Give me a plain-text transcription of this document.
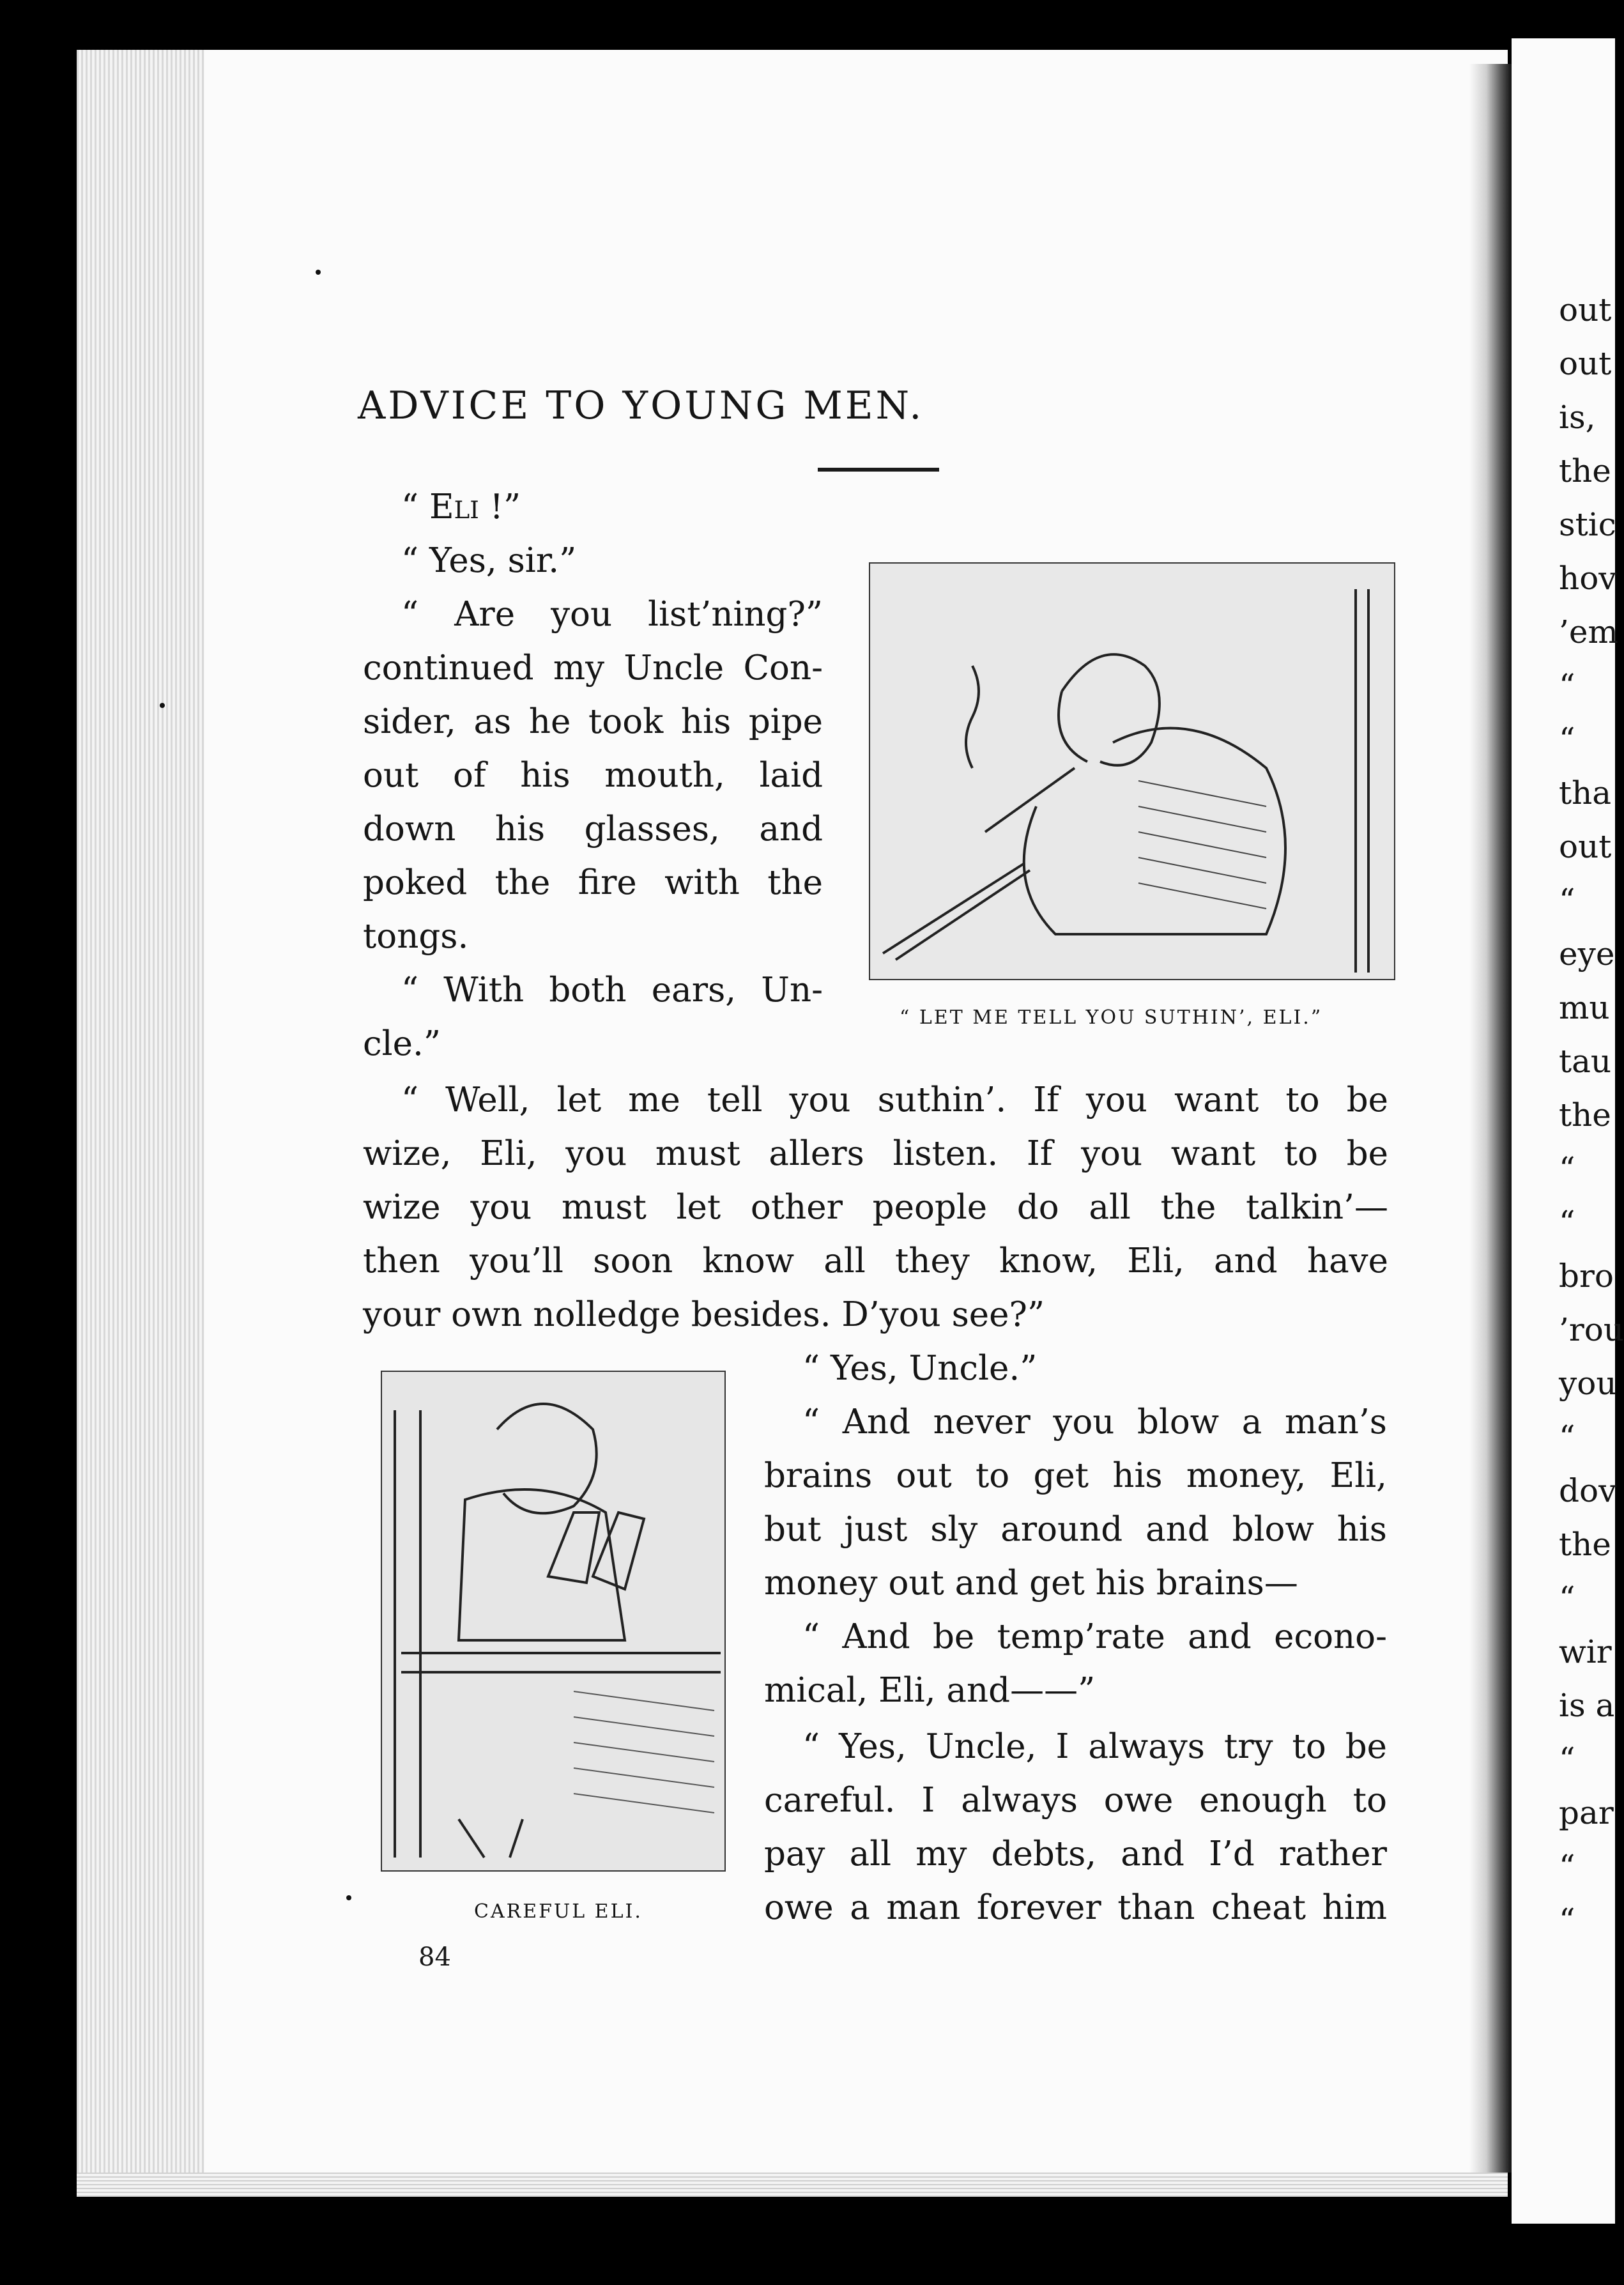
out
out
is,
the
stic
hov
’em
“
“
tha
out
“
eye
mu
tau
the
“
“
bro
’rou
you
“
dov
the
“
wir
is a
“
par
“
“
ADVICE TO YOUNG MEN.
“ LET ME TELL YOU SUTHIN’, ELI.”
CAREFUL ELI.
“ Eli !”
“ Yes, sir.”
“ Are you list’ning?”
continued my Uncle Con-
sider, as he took his pipe
out of his mouth, laid
down his glasses, and
poked the fire with the
tongs.
“ With both ears, Un-
cle.”
“ Well, let me tell you suthin’. If you want to be
wize, Eli, you must allers listen. If you want to be
wize you must let other people do all the talkin’—
then you’ll soon know all they know, Eli, and have
your own nolledge besides. D’you see?”
“ Yes, Uncle.”
“ And never you blow a man’s
brains out to get his money, Eli,
but just sly around and blow his
money out and get his brains—
“ And be temp’rate and econo-
mical, Eli, and——”
“ Yes, Uncle, I always try to be
careful. I always owe enough to
pay all my debts, and I’d rather
owe a man forever than cheat him
84
